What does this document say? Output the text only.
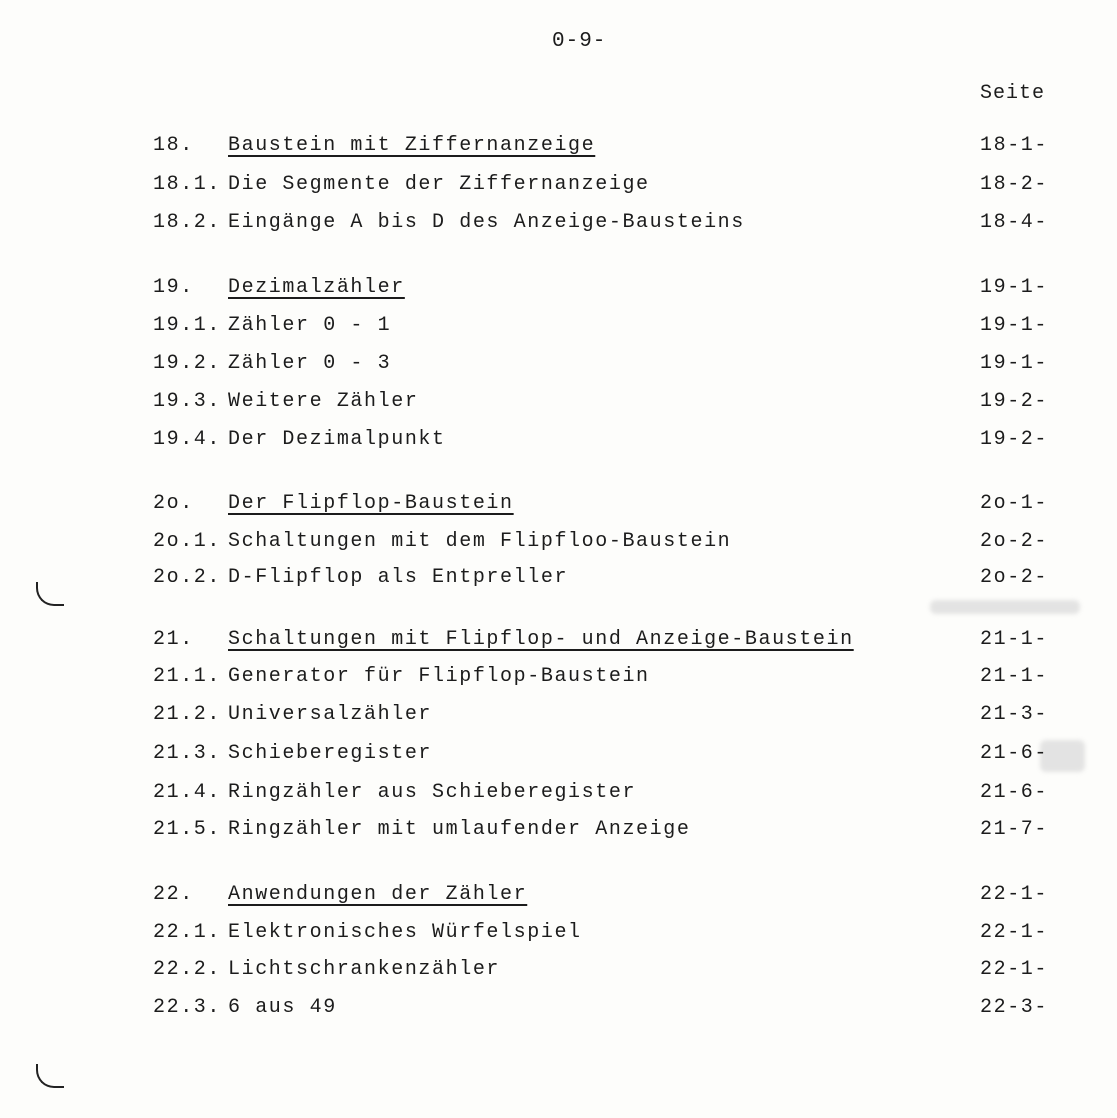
0-9-
Seite
18. Baustein mit Ziffernanzeige	18-1-
18.1. Die Segmente der Ziffernanzeige	18-2-
18.2. Eingänge A bis D des Anzeige-Bausteins	18-4-
19. Dezimalzähler	19-1-
19.1. Zähler 0 - 1	19-1-
19.2. Zähler 0 - 3	19-1-
19.3. Weitere Zähler	19-2-
19.4. Der Dezimalpunkt	19-2-
2o. Der Flipflop-Baustein	2o-1-
2o.1. Schaltungen mit dem Flipfloo-Baustein	2o-2-
2o.2. D-Flipflop als Entpreller	2o-2-
21. Schaltungen mit Flipflop- und Anzeige-Baustein	21-1-
21.1. Generator für Flipflop-Baustein	21-1-
21.2. Universalzähler	21-3-
21.3. Schieberegister	21-6-
21.4. Ringzähler aus Schieberegister	21-6-
21.5. Ringzähler mit umlaufender Anzeige	21-7-
22. Anwendungen der Zähler	22-1-
22.1. Elektronisches Würfelspiel	22-1-
22.2. Lichtschrankenzähler	22-1-
22.3. 6 aus 49	22-3-
